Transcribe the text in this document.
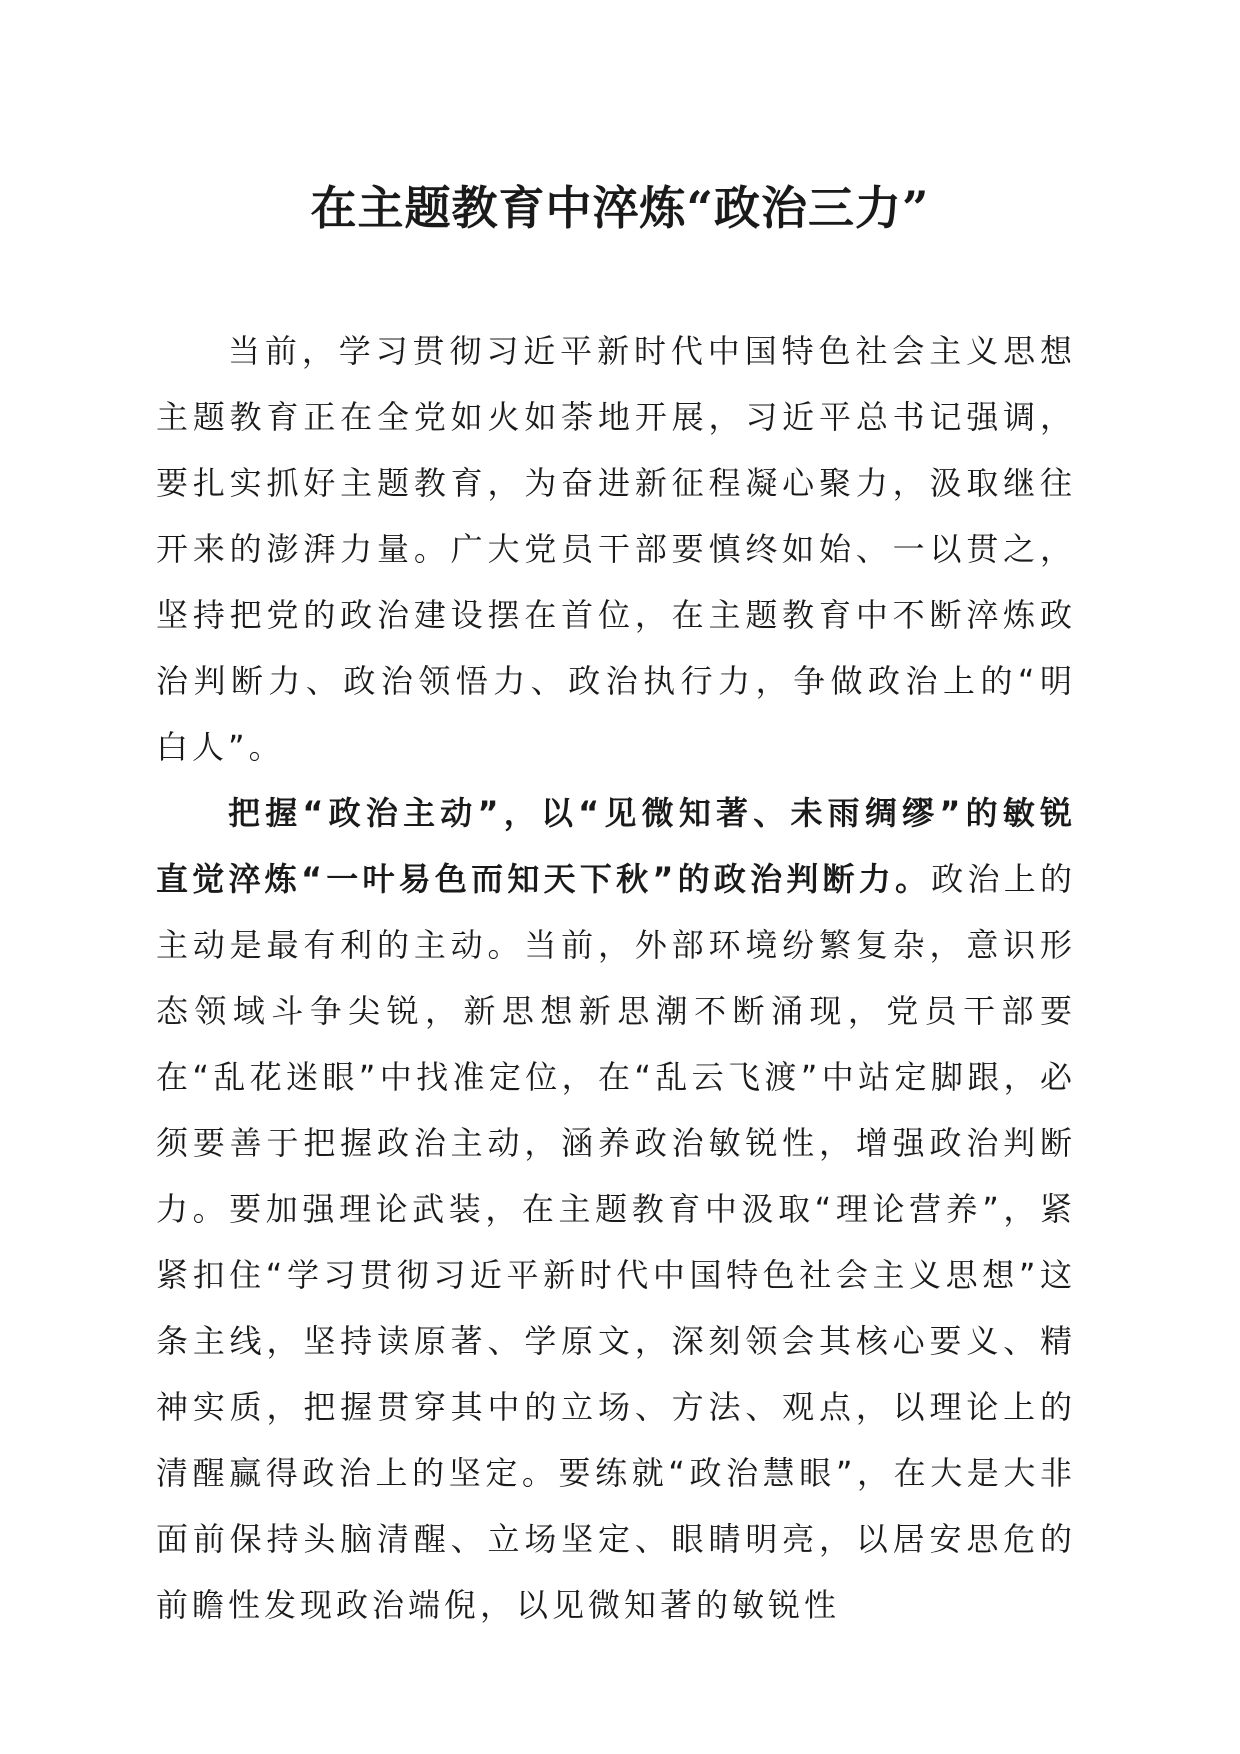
在主题教育中淬炼“政治三力”

当前，学习贯彻习近平新时代中国特色社会主义思想主题教育正在全党如火如荼地开展，习近平总书记强调，要扎实抓好主题教育，为奋进新征程凝心聚力，汲取继往开来的澎湃力量。广大党员干部要慎终如始、一以贯之，坚持把党的政治建设摆在首位，在主题教育中不断淬炼政治判断力、政治领悟力、政治执行力，争做政治上的“明白人”。

把握“政治主动”，以“见微知著、未雨绸缪”的敏锐直觉淬炼“一叶易色而知天下秋”的政治判断力。政治上的主动是最有利的主动。当前，外部环境纷繁复杂，意识形态领域斗争尖锐，新思想新思潮不断涌现，党员干部要在“乱花迷眼”中找准定位，在“乱云飞渡”中站定脚跟，必须要善于把握政治主动，涵养政治敏锐性，增强政治判断力。要加强理论武装，在主题教育中汲取“理论营养”，紧紧扣住“学习贯彻习近平新时代中国特色社会主义思想”这条主线，坚持读原著、学原文，深刻领会其核心要义、精神实质，把握贯穿其中的立场、方法、观点，以理论上的清醒赢得政治上的坚定。要练就“政治慧眼”，在大是大非面前保持头脑清醒、立场坚定、眼睛明亮，以居安思危的前瞻性发现政治端倪，以见微知著的敏锐性
